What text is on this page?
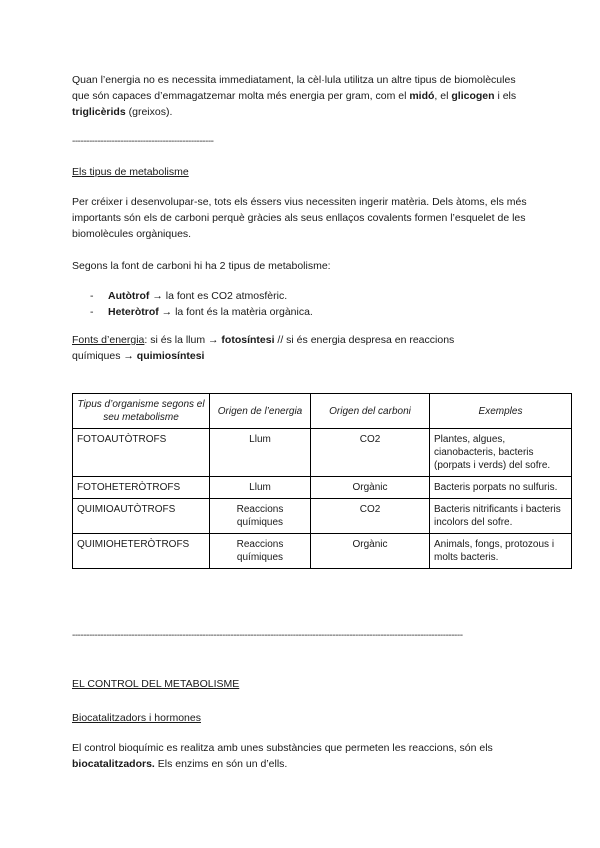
Quan l’energia no es necessita immediatament, la cèl·lula utilitza un altre tipus de biomolècules que són capaces d’emmagatzemar molta més energia per gram, com el midó, el glicogen i els triglicèrids (greixos).

--------------------------------------------------

Els tipus de metabolisme

Per créixer i desenvolupar-se, tots els éssers vius necessiten ingerir matèria. Dels àtoms, els més importants són els de carboni perquè gràcies als seus enllaços covalents formen l’esquelet de les biomolècules orgàniques.

Segons la font de carboni hi ha 2 tipus de metabolisme:

- Autòtrof → la font es CO2 atmosfèric.
- Heteròtrof → la font és la matèria orgànica.

Fonts d’energia: si és la llum → fotosíntesi // si és energia despresa en reaccions químiques → quimiosíntesi

Tipus d’organisme segons el seu metabolisme	Origen de l’energia	Origen del carboni	Exemples
FOTOAUTÒTROFS	Llum	CO2	Plantes, algues, cianobacteris, bacteris (porpats i verds) del sofre.
FOTOHETERÒTROFS	Llum	Orgànic	Bacteris porpats no sulfuris.
QUIMIOAUTÒTROFS	Reaccions químiques	CO2	Bacteris nitrificants i bacteris incolors del sofre.
QUIMIOHETERÒTROFS	Reaccions químiques	Orgànic	Animals, fongs, protozous i molts bacteris.
------------------------------------------------------------------------------------------------------------------------------------------

EL CONTROL DEL METABOLISME

Biocatalitzadors i hormones

El control bioquímic es realitza amb unes substàncies que permeten les reaccions, són els biocatalitzadors. Els enzims en són un d’ells.
